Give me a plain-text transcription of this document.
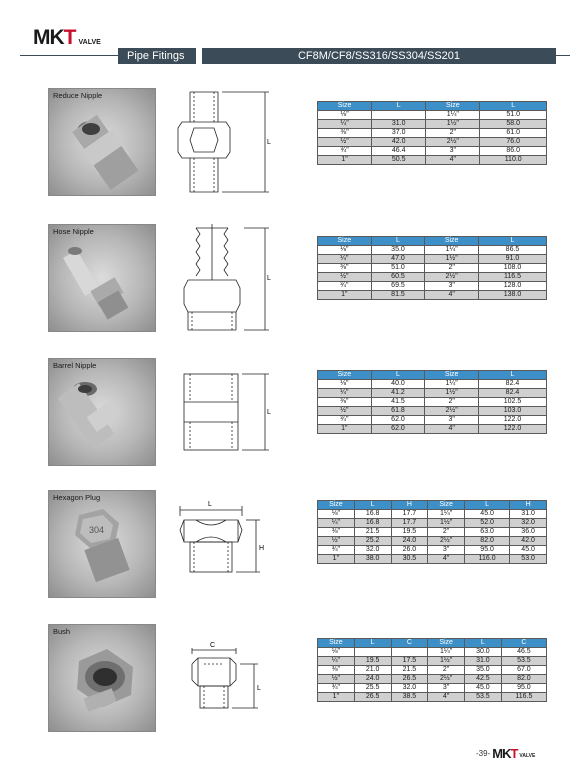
MKT VALVE
Pipe Fitings	CF8M/CF8/SS316/SS304/SS201
Reduce Nipple
L
Size	L	Size	L
⅛"		1¼"	51.0
¼"	31.0	1½"	58.0
⅜"	37.0	2"	61.0
½"	42.0	2½"	76.0
¾"	46.4	3"	86.0
1"	50.5	4"	110.0
Hose Nipple
L
Size	L	Size	L
⅛"	35.0	1¼"	86.5
¼"	47.0	1½"	91.0
⅜"	51.0	2"	108.0
½"	60.5	2½"	116.5
¾"	69.5	3"	128.0
1"	81.5	4"	138.0
Barrel Nipple
L
Size	L	Size	L
⅛"	40.0	1¼"	82.4
¼"	41.2	1½"	82.4
⅜"	41.5	2"	102.5
½"	61.8	2½"	103.0
¾"	62.0	3"	122.0
1"	62.0	4"	122.0
304
Hexagon Plug
L
H
Size	L	H	Size	L	H
⅛"	16.8	17.7	1¼"	45.0	31.0
¼"	16.8	17.7	1½"	52.0	32.0
⅜"	21.5	19.5	2"	63.0	36.0
½"	25.2	24.0	2½"	82.0	42.0
¾"	32.0	26.0	3"	95.0	45.0
1"	38.0	30.5	4"	116.0	53.0
Bush
C
L
Size	L	C	Size	L	C
⅛"			1¼"	30.0	46.5
¼"	19.5	17.5	1½"	31.0	53.5
⅜"	21.0	21.5	2"	35.0	67.0
½"	24.0	26.5	2½"	42.5	82.0
¾"	25.5	32.0	3"	45.0	95.0
1"	26.5	38.5	4"	53.5	116.5
-39- MKT VALVE
